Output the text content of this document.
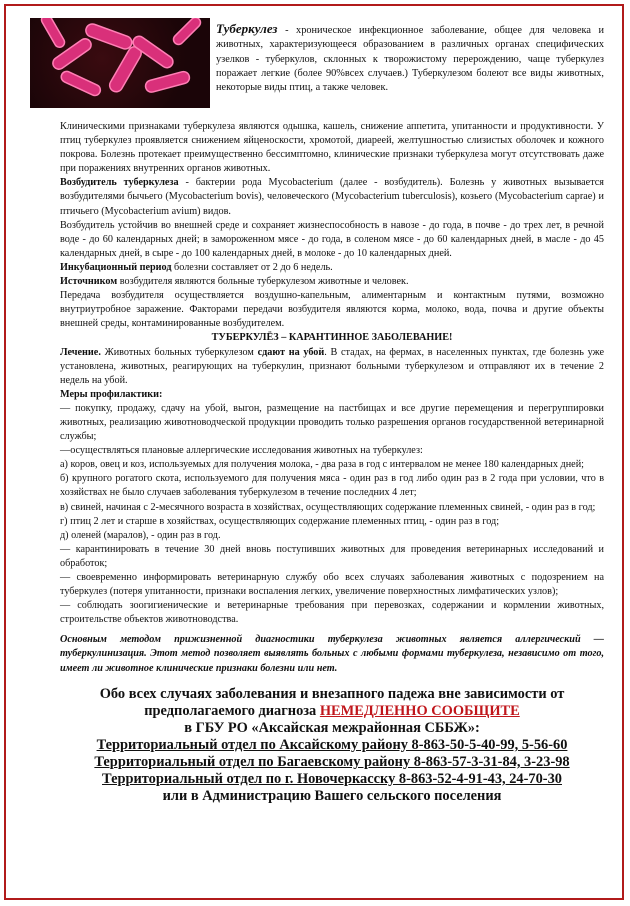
Туберкулез - хроническое инфекционное заболевание, общее для человека и животных, характеризующееся образованием в различных органах специфических узелков - туберкулов, склонных к творожистому перерождению, чаще туберкулез поражает легкие (более 90%всех случаев.) Туберкулезом болеют все виды животных, некоторые виды птиц, а также человек.

Клиническими признаками туберкулеза являются одышка, кашель, снижение аппетита, упитанности и продуктивности. У птиц туберкулез проявляется снижением яйценоскости, хромотой, диареей, желтушностью слизистых оболочек и кожного покрова. Болезнь протекает преимущественно бессимптомно, клинические признаки туберкулеза могут отсутствовать даже при поражениях внутренних органов животных.

Возбудитель туберкулеза - бактерии рода Mycobacterium (далее - возбудитель). Болезнь у животных вызывается возбудителями бычьего (Mycobacterium bovis), человеческого (Mycobacterium tuberculosis), козьего (Mycobacterium caprae) и птичьего (Mycobacterium avium) видов.

Возбудитель устойчив во внешней среде и сохраняет жизнеспособность в навозе - до года, в почве - до трех лет, в речной воде - до 60 календарных дней; в замороженном мясе - до года, в соленом мясе - до 60 календарных дней, в масле - до 45 календарных дней, в сыре - до 100 календарных дней, в молоке - до 10 календарных дней.

Инкубационный период болезни составляет от 2 до 6 недель.

Источником возбудителя являются больные туберкулезом животные и человек.

Передача возбудителя осуществляется воздушно-капельным, алиментарным и контактным путями, возможно внутриутробное заражение. Факторами передачи возбудителя являются корма, молоко, вода, почва и другие объекты внешней среды, контаминированные возбудителем.

ТУБЕРКУЛЁЗ – КАРАНТИННОЕ ЗАБОЛЕВАНИЕ!

Лечение. Животных больных туберкулезом сдают на убой. В стадах, на фермах, в населенных пунктах, где болезнь уже установлена, животных, реагирующих на туберкулин, признают больными туберкулезом и отправляют их в течение 2 недель на убой.

Меры профилактики:

— покупку, продажу, сдачу на убой, выгон, размещение на пастбищах и все другие перемещения и перегруппировки животных, реализацию животноводческой продукции проводить только разрешения органов государственной ветеринарной службы;

—осуществляться плановые аллергические исследования животных на туберкулез:

а) коров, овец и коз, используемых для получения молока, - два раза в год с интервалом не менее 180 календарных дней;

б) крупного рогатого скота, используемого для получения мяса - один раз в год либо один раз в 2 года при условии, что в хозяйствах не было случаев заболевания туберкулезом в течение последних 4 лет;

в) свиней, начиная с 2-месячного возраста в хозяйствах, осуществляющих содержание племенных свиней, - один раз в год;

г) птиц 2 лет и старше в хозяйствах, осуществляющих содержание племенных птиц, - один раз в год;

д) оленей (маралов), - один раз в год.

— карантинировать в течение 30 дней вновь поступивших животных для проведения ветеринарных исследований и обработок;

— своевременно информировать ветеринарную службу обо всех случаях заболевания животных с подозрением на туберкулез (потеря упитанности, признаки воспаления легких, увеличение поверхностных лимфатических узлов);

— соблюдать зоогигиенические и ветеринарные требования при перевозках, содержании и кормлении животных, строительстве объектов животноводства.

Основным методом прижизненной диагностики туберкулеза животных является аллергический — туберкулинизация. Этот метод позволяет выявлять больных с любыми формами туберкулеза, независимо от того, имеет ли животное клинические признаки болезни или нет.

Обо всех случаях заболевания и внезапного падежа вне зависимости от
предполагаемого диагноза НЕМЕДЛЕННО СООБЩИТЕ
в ГБУ РО «Аксайская межрайонная СББЖ»:
Территориальный отдел по Аксайскому району 8-863-50-5-40-99, 5-56-60
Территориальный отдел по Багаевскому району 8-863-57-3-31-84, 3-23-98
Территориальный отдел по г. Новочеркасску 8-863-52-4-91-43, 24-70-30
или в Администрацию Вашего сельского поселения
